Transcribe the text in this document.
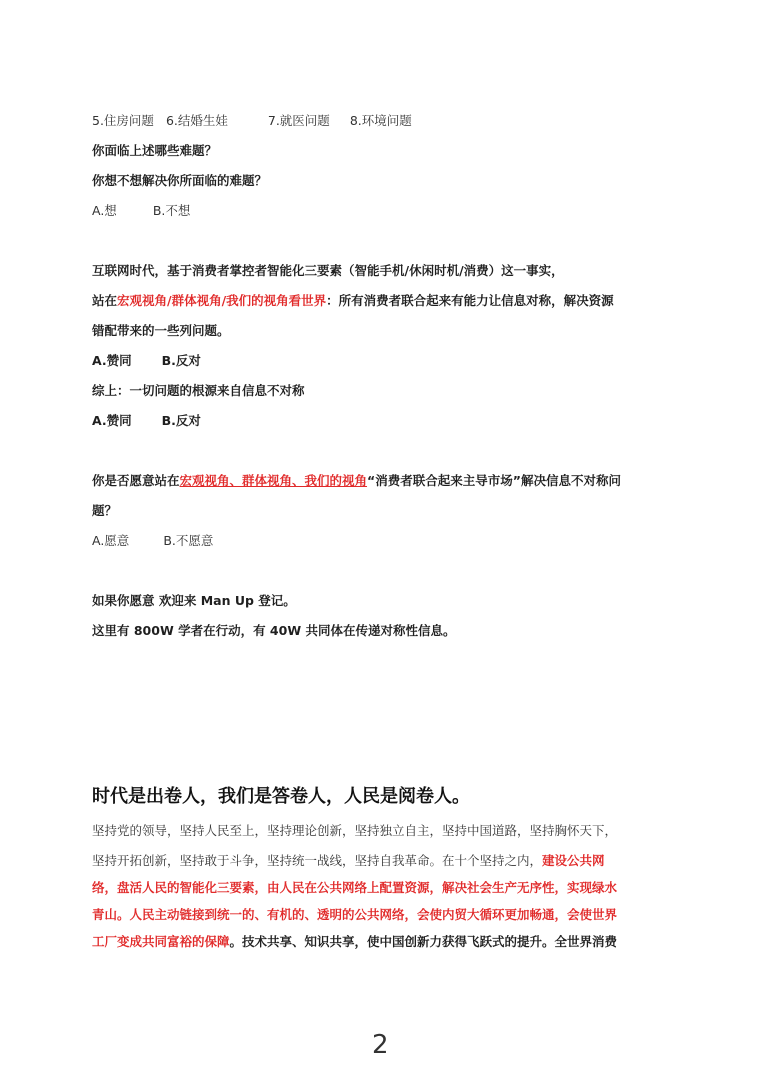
5.住房问题 6.结婚生娃	7.就医问题 8.环境问题
你面临上述哪些难题？
你想不想解决你所面临的难题？
A.想	B.不想
互联网时代，基于消费者掌控者智能化三要素（智能手机/休闲时机/消费）这一事实，
站在宏观视角/群体视角/我们的视角看世界：所有消费者联合起来有能力让信息对称，解决资源
错配带来的一些列问题。
A.赞同 B.反对
综上：一切问题的根源来自信息不对称
A.赞同 B.反对
你是否愿意站在宏观视角、群体视角、我们的视角“消费者联合起来主导市场”解决信息不对称问
题？
A.愿意	B.不愿意
如果你愿意 欢迎来 Man Up 登记。
这里有 800W 学者在行动，有 40W 共同体在传递对称性信息。
时代是出卷人，我们是答卷人，人民是阅卷人。
坚持党的领导，坚持人民至上，坚持理论创新，坚持独立自主，坚持中国道路，坚持胸怀天下，
坚持开拓创新，坚持敢于斗争，坚持统一战线，坚持自我革命。在十个坚持之内，建设公共网
络，盘活人民的智能化三要素，由人民在公共网络上配置资源，解决社会生产无序性，实现绿水
青山。人民主动链接到统一的、有机的、透明的公共网络，会使内贸大循环更加畅通，会使世界
工厂变成共同富裕的保障。技术共享、知识共享，使中国创新力获得飞跃式的提升。全世界消费
2
